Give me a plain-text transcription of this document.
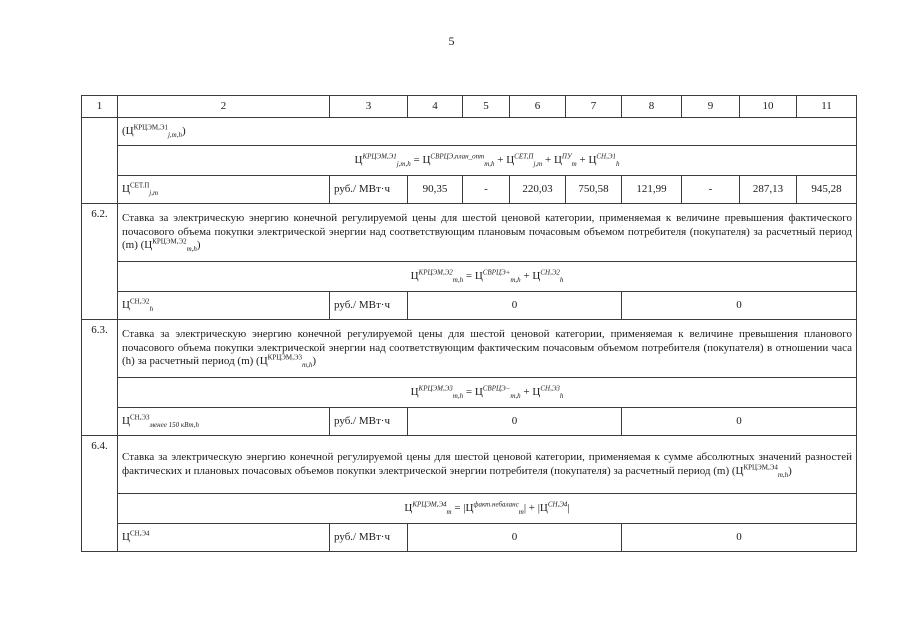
5
1	2	3	4	5	6	7	8	9	10	11
	$(Ц^{КРЦЭМ,Э1}_{j,m,h})$									
	$Ц^{КРЦЭМ,Э1}_{j,m,h} = Ц^{СВРЦЭ,план\_опт}_{m,h} + Ц^{СЕТ,П}_{j,m} + Ц^{ПУ}_m + Ц^{СН,Э1}_h$
	$Ц^{СЕТ.П}_{j,m}$	руб./ МВт·ч	90,35	-	220,03	750,58	121,99	-	287,13	945,28
6.2.	Ставка за электрическую энергию конечной регулируемой цены для шестой ценовой категории, применяемая к величине превышения фактического почасового объема покупки электрической энергии над соответствующим плановым почасовым объемом потребителя (покупателя) за расчетный период (m) $(Ц^{КРЦЭМ,Э2}_{m,h})$									
	$Ц^{КРЦЭМ,Э2}_{m,h} = Ц^{СВРЦЭ+}_{m,h} + Ц^{СН,Э2}_h$
	$Ц^{СН,Э2}_h$	руб./ МВт·ч	0				0			
6.3.	Ставка за электрическую энергию конечной регулируемой цены для шестой ценовой категории, применяемая к величине превышения планового почасового объема покупки электрической энергии над соответствующим фактическим почасовым объемом потребителя (покупателя) в отношении часа (h) за расчетный период (m) $(Ц^{КРЦЭМ,Э3}_{m,h})$									
	$Ц^{КРЦЭМ,Э3}_{m,h} = Ц^{СВРЦЭ-}_{m,h} + Ц^{СН,Э3}_h$
	$Ц^{СН,Э3}_{менее 150 кВт,h}$	руб./ МВт·ч	0				0			
6.4.	Ставка за электрическую энергию конечной регулируемой цены для шестой ценовой категории, применяемая к сумме абсолютных значений разностей фактических и плановых почасовых объемов покупки электрической энергии потребителя (покупателя) за расчетный период (m) $(Ц^{КРЦЭМ,Э4}_{m,h})$									
	$Ц^{КРЦЭМ,Э4}_m = |Ц^{факт.небаланс}_m| + |Ц^{СН,Э4}|$									
	$Ц^{СН,Э4}$	руб./ МВт·ч	0				0			
